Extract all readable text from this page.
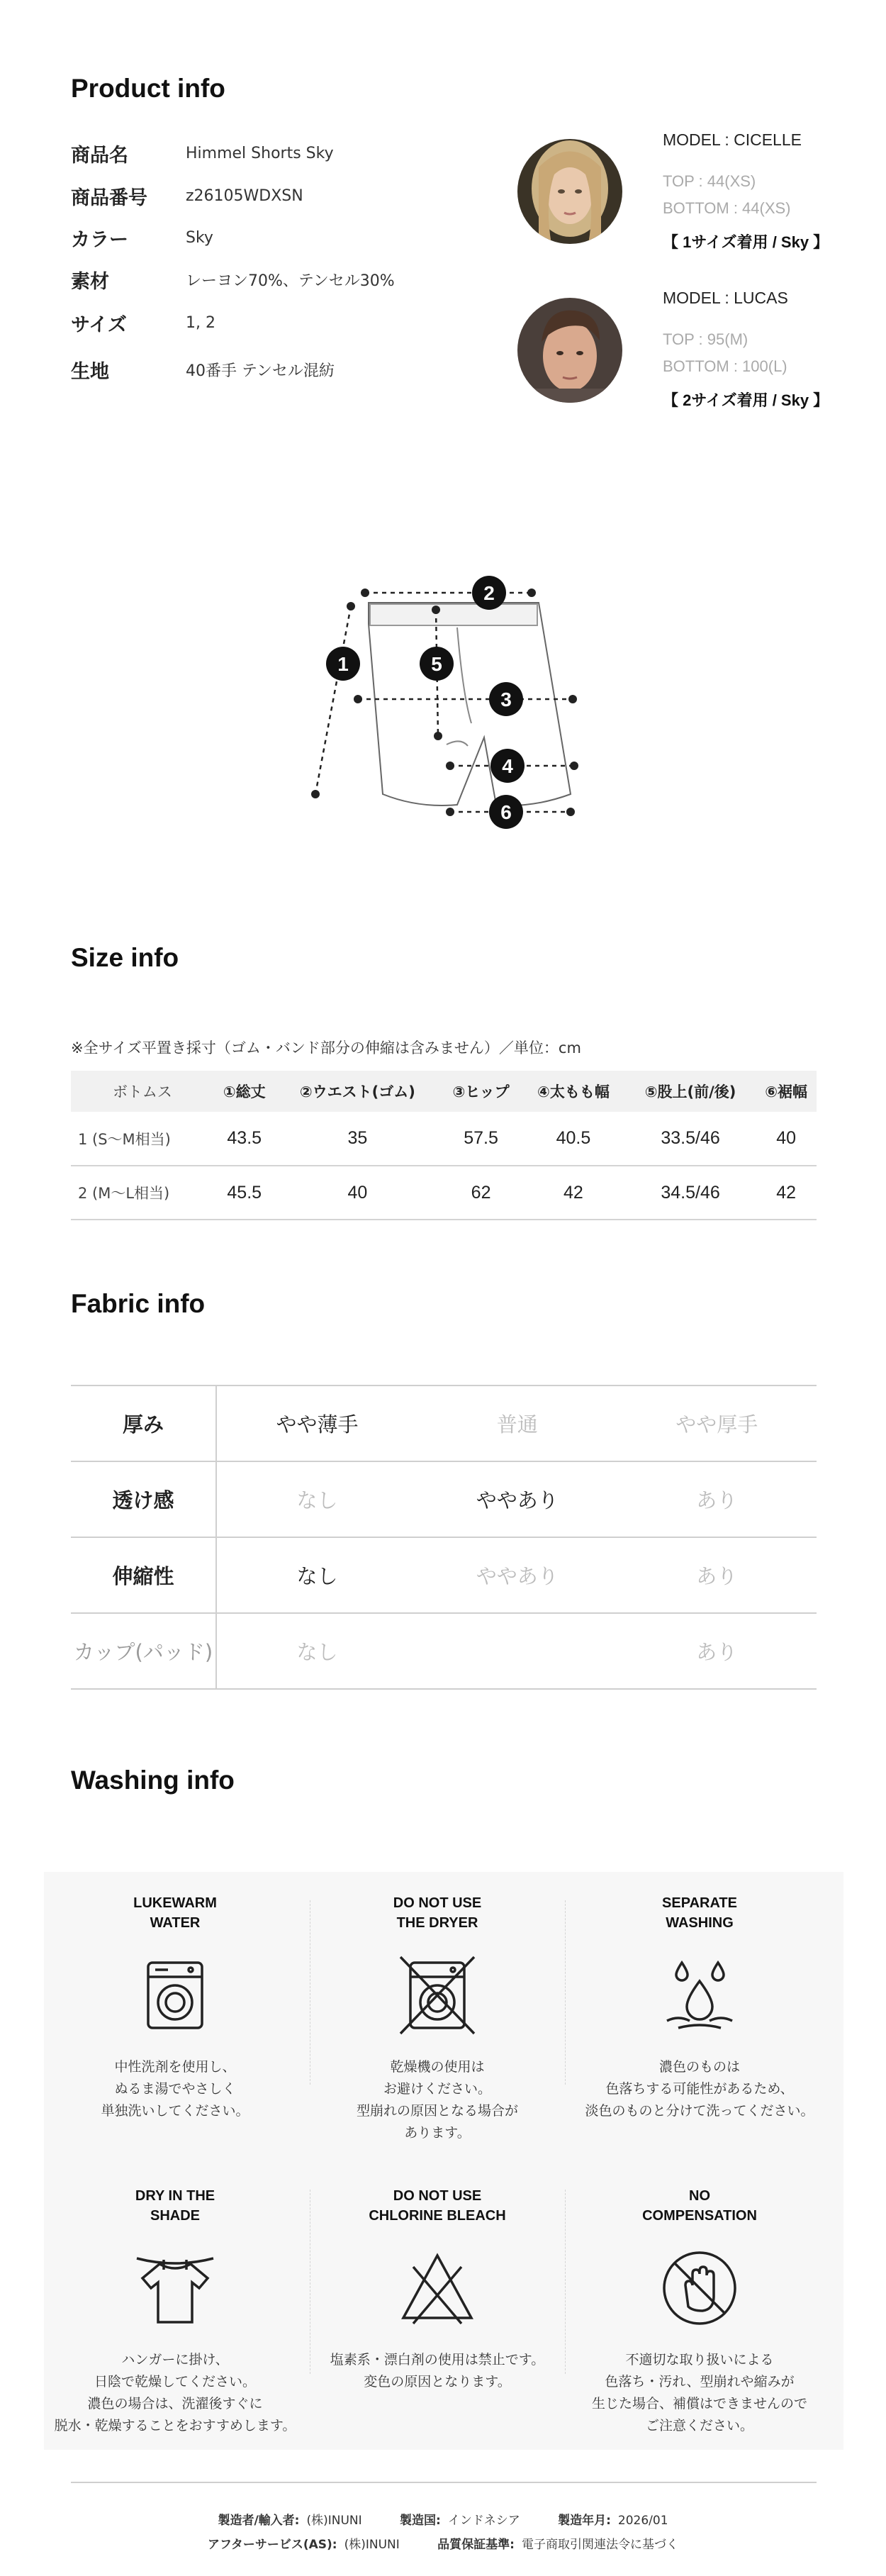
Product info
商品名	Himmel Shorts Sky
商品番号	z26105WDXSN
カラー	Sky
素材	レーヨン70%、テンセル30%
サイズ	1, 2
生地	40番手 テンセル混紡
MODEL : CICELLE
TOP : 44(XS)
BOTTOM : 44(XS)
【 1サイズ着用 / Sky 】
MODEL : LUCAS
TOP : 95(M)
BOTTOM : 100(L)
【 2サイズ着用 / Sky 】
2
1	5
3
4
6
Size info
※全サイズ平置き採寸（ゴム・バンド部分の伸縮は含みません）／単位：cm
ボトムス	①総丈	②ウエスト(ゴム)	③ヒップ	④太もも幅	⑤股上(前/後)	⑥裾幅
1 (S〜M相当)	43.5	35	57.5	40.5	33.5/46	40
2 (M〜L相当)	45.5	40	62	42	34.5/46	42
Fabric info
厚み	やや薄手	普通	やや厚手
透け感	なし	ややあり	あり
伸縮性	なし	ややあり	あり
カップ(パッド)	なし		あり
Washing info
LUKEWARM
WATER
中性洗剤を使用し、
ぬるま湯でやさしく
単独洗いしてください。
DO NOT USE
THE DRYER
乾燥機の使用は
お避けください。
型崩れの原因となる場合が
あります。
SEPARATE
WASHING
濃色のものは
色落ちする可能性があるため、
淡色のものと分けて洗ってください。
DRY IN THE
SHADE
ハンガーに掛け、
日陰で乾燥してください。
濃色の場合は、洗濯後すぐに
脱水・乾燥することをおすすめします。
DO NOT USE
CHLORINE BLEACH
塩素系・漂白剤の使用は禁止です。
変色の原因となります。
NO
COMPENSATION
不適切な取り扱いによる
色落ち・汚れ、型崩れや縮みが
生じた場合、補償はできませんので
ご注意ください。
製造者/輸入者: (株)INUNI	製造国: インドネシア	製造年月: 2026/01
アフターサービス(AS): (株)INUNI	品質保証基準: 電子商取引関連法令に基づく
